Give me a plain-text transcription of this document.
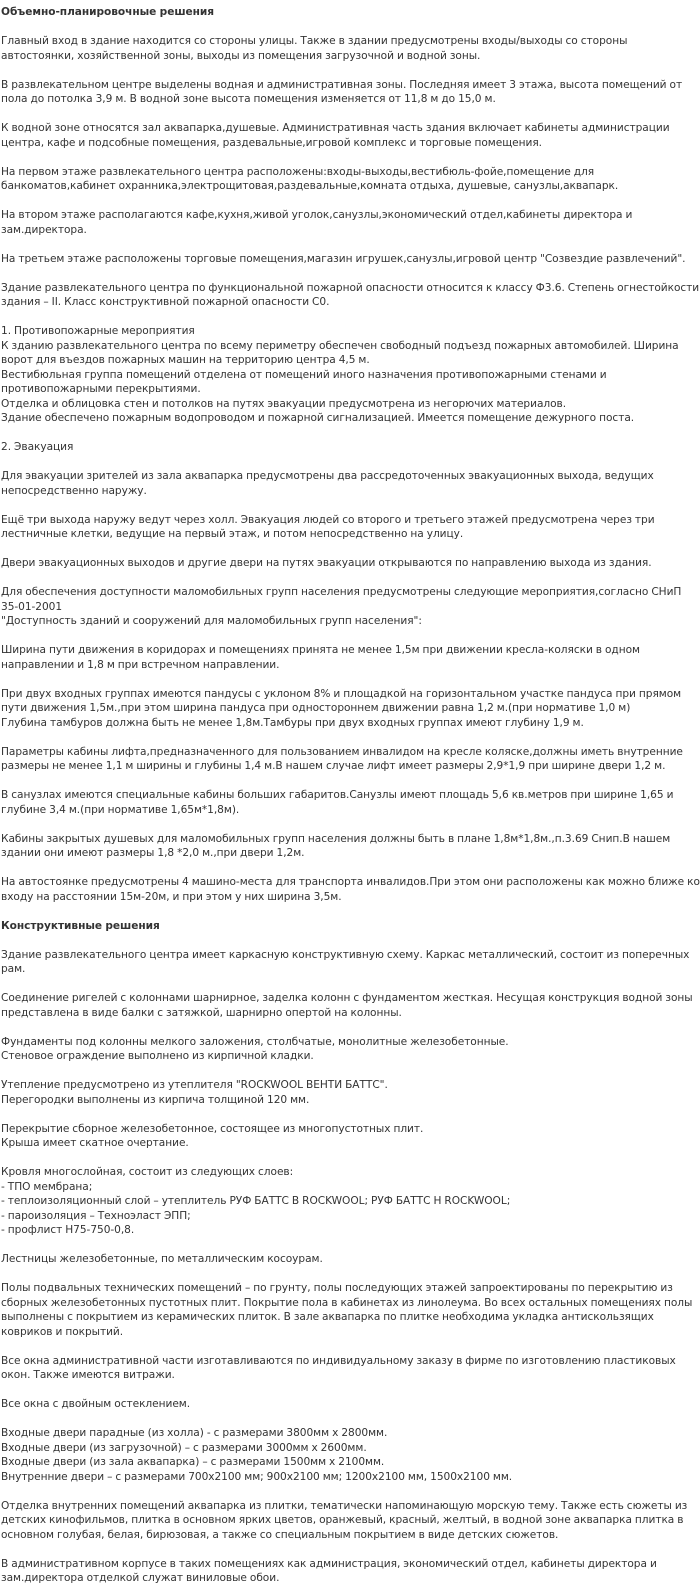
Объемно-планировочные решения
Главный вход в здание находится со стороны улицы. Также в здании предусмотрены входы/выходы со стороны автостоянки, хозяйственной зоны, выходы из помещения загрузочной и водной зоны.
В развлекательном центре выделены водная и административная зоны. Последняя имеет 3 этажа, высота помещений от пола до потолка 3,9 м. В водной зоне высота помещения изменяется от 11,8 м до 15,0 м.
К водной зоне относятся зал аквапарка,душевые. Административная часть здания включает кабинеты администрации центра, кафе и подсобные помещения, раздевальные,игровой комплекс и торговые помещения.
На первом этаже развлекательного центра расположены:входы-выходы,вестибюль-фойе,помещение для банкоматов,кабинет охранника,электрощитовая,раздевальные,комната отдыха, душевые, санузлы,аквапарк.
На втором этаже располагаются кафе,кухня,живой уголок,санузлы,экономический отдел,кабинеты директора и зам.директора.
На третьем этаже расположены торговые помещения,магазин игрушек,санузлы,игровой центр "Созвездие развлечений".
Здание развлекательного центра по функциональной пожарной опасности относится к классу Ф3.6. Степень огнестойкости здания – II. Класс конструктивной пожарной опасности С0.
1. Противопожарные мероприятия
К зданию развлекательного центра по всему периметру обеспечен свободный подъезд пожарных автомобилей. Ширина ворот для въездов пожарных машин на территорию центра 4,5 м.
Вестибюльная группа помещений отделена от помещений иного назначения противопожарными стенами и противопожарными перекрытиями.
Отделка и облицовка стен и потолков на путях эвакуации предусмотрена из негорючих материалов.
Здание обеспечено пожарным водопроводом и пожарной сигнализацией. Имеется помещение дежурного поста.
2. Эвакуация
Для эвакуации зрителей из зала аквапарка предусмотрены два рассредоточенных эвакуационных выхода, ведущих непосредственно наружу.
Ещё три выхода наружу ведут через холл. Эвакуация людей со второго и третьего этажей предусмотрена через три лестничные клетки, ведущие на первый этаж, и потом непосредственно на улицу.
Двери эвакуационных выходов и другие двери на путях эвакуации открываются по направлению выхода из здания.
Для обеспечения доступности маломобильных групп населения предусмотрены следующие мероприятия,согласно СНиП 35-01-2001
"Доступность зданий и сооружений для маломобильных групп населения":
Ширина пути движения в коридорах и помещениях принята не менее 1,5м при движении кресла-коляски в одном направлении и 1,8 м при встречном направлении.
При двух входных группах имеются пандусы с уклоном 8% и площадкой на горизонтальном участке пандуса при прямом пути движения 1,5м.,при этом ширина пандуса при одностороннем движении равна 1,2 м.(при нормативе 1,0 м)
Глубина тамбуров должна быть не менее 1,8м.Тамбуры при двух входных группах имеют глубину 1,9 м.
Параметры кабины лифта,предназначенного для пользованием инвалидом на кресле коляске,должны иметь внутренние размеры не менее 1,1 м ширины и глубины 1,4 м.В нашем случае лифт имеет размеры 2,9*1,9 при ширине двери 1,2 м.
В санузлах имеются специальные кабины больших габаритов.Санузлы имеют площадь 5,6 кв.метров при ширине 1,65 и глубине 3,4 м.(при нормативе 1,65м*1,8м).
Кабины закрытых душевых для маломобильных групп населения должны быть в плане 1,8м*1,8м.,п.3.69 Снип.В нашем здании они имеют размеры 1,8 *2,0 м.,при двери 1,2м.
На автостоянке предусмотрены 4 машино-места для транспорта инвалидов.При этом они расположены как можно ближе ко входу на расстоянии 15м-20м, и при этом у них ширина 3,5м.
Конструктивные решения
Здание развлекательного центра имеет каркасную конструктивную схему. Каркас металлический, состоит из поперечных рам.
Соединение ригелей с колоннами шарнирное, заделка колонн с фундаментом жесткая. Несущая конструкция водной зоны представлена в виде балки с затяжкой, шарнирно опертой на колонны.
Фундаменты под колонны мелкого заложения, столбчатые, монолитные железобетонные.
Стеновое ограждение выполнено из кирпичной кладки.
Утепление предусмотрено из утеплителя "ROCKWOOL ВЕНТИ БАТТС".
Перегородки выполнены из кирпича толщиной 120 мм.
Перекрытие сборное железобетонное, состоящее из многопустотных плит.
Крыша имеет скатное очертание.
Кровля многослойная, состоит из следующих слоев:
- ТПО мембрана;
- теплоизоляционный слой – утеплитель РУФ БАТТС В ROCKWOOL; РУФ БАТТС Н ROCKWOOL;
- пароизоляция – Техноэласт ЭПП;
- профлист Н75-750-0,8.
Лестницы железобетонные, по металлическим косоурам.
Полы подвальных технических помещений – по грунту, полы последующих этажей запроектированы по перекрытию из сборных железобетонных пустотных плит. Покрытие пола в кабинетах из линолеума. Во всех остальных помещениях полы выполнены с покрытием из керамических плиток. В зале аквапарка по плитке необходима укладка антискользящих ковриков и покрытий.
Все окна административной части изготавливаются по индивидуальному заказу в фирме по изготовлению пластиковых окон. Также имеются витражи.
Все окна с двойным остеклением.
Входные двери парадные (из холла) - с размерами 3800мм х 2800мм.
Входные двери (из загрузочной) – с размерами 3000мм х 2600мм.
Входные двери (из зала аквапарка) – с размерами 1500мм х 2100мм.
Внутренние двери – с размерами 700х2100 мм; 900х2100 мм; 1200х2100 мм, 1500х2100 мм.
Отделка внутренних помещений аквапарка из плитки, тематически напоминающую морскую тему. Также есть сюжеты из детских кинофильмов, плитка в основном ярких цветов, оранжевый, красный, желтый, в водной зоне аквапарка плитка в основном голубая, белая, бирюзовая, а также со специальным покрытием в виде детских сюжетов.
В административном корпусе в таких помещениях как администрация, экономический отдел, кабинеты директора и зам.директора отделкой служат виниловые обои.
